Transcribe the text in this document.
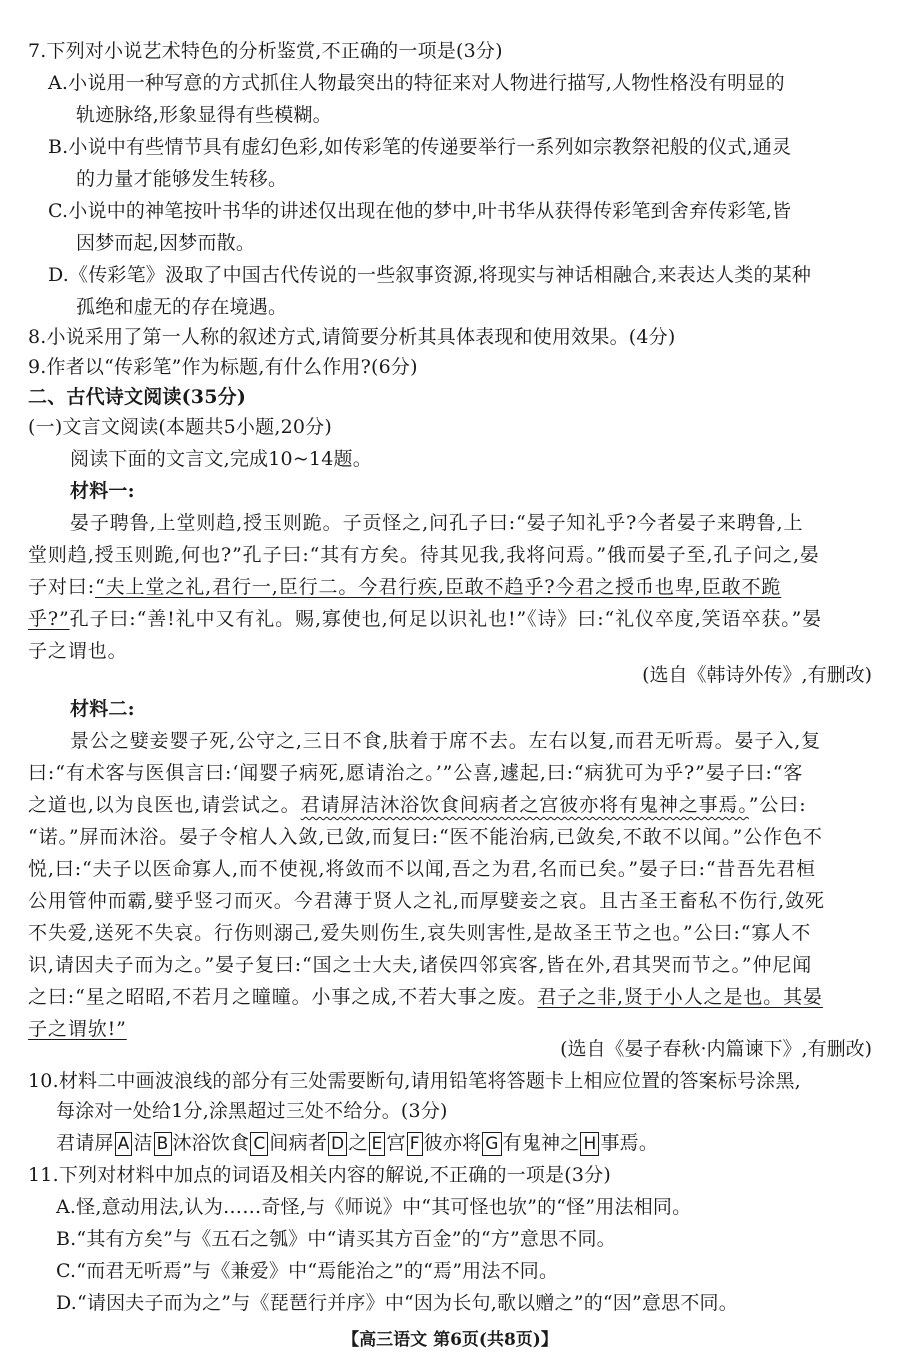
7.下列对小说艺术特色的分析鉴赏,不正确的一项是(3分)
A.小说用一种写意的方式抓住人物最突出的特征来对人物进行描写,人物性格没有明显的
轨迹脉络,形象显得有些模糊。
B.小说中有些情节具有虚幻色彩,如传彩笔的传递要举行一系列如宗教祭祀般的仪式,通灵
的力量才能够发生转移。
C.小说中的神笔按叶书华的讲述仅出现在他的梦中,叶书华从获得传彩笔到舍弃传彩笔,皆
因梦而起,因梦而散。
D.《传彩笔》汲取了中国古代传说的一些叙事资源,将现实与神话相融合,来表达人类的某种
孤绝和虚无的存在境遇。
8.小说采用了第一人称的叙述方式,请简要分析其具体表现和使用效果。(4分)
9.作者以“传彩笔”作为标题,有什么作用?(6分)
二、古代诗文阅读(35分)
(一)文言文阅读(本题共5小题,20分)
阅读下面的文言文,完成10~14题。
材料一:
晏子聘鲁,上堂则趋,授玉则跪。子贡怪之,问孔子曰:“晏子知礼乎?今者晏子来聘鲁,上
堂则趋,授玉则跪,何也?”孔子曰:“其有方矣。待其见我,我将问焉。”俄而晏子至,孔子问之,晏
子对曰:“夫上堂之礼,君行一,臣行二。今君行疾,臣敢不趋乎?今君之授币也卑,臣敢不跪
乎?”孔子曰:“善!礼中又有礼。赐,寡使也,何足以识礼也!”《诗》曰:“礼仪卒度,笑语卒获。”晏
子之谓也。
(选自《韩诗外传》,有删改)
材料二:
景公之嬖妾婴子死,公守之,三日不食,肤着于席不去。左右以复,而君无听焉。晏子入,复
曰:“有术客与医俱言曰:‘闻婴子病死,愿请治之。’”公喜,遽起,曰:“病犹可为乎?”晏子曰:“客
之道也,以为良医也,请尝试之。君请屏洁沐浴饮食间病者之宫彼亦将有鬼神之事焉。”公曰:
“诺。”屏而沐浴。晏子令棺人入敛,已敛,而复曰:“医不能治病,已敛矣,不敢不以闻。”公作色不
悦,曰:“夫子以医命寡人,而不使视,将敛而不以闻,吾之为君,名而已矣。”晏子曰:“昔吾先君桓
公用管仲而霸,嬖乎竖刁而灭。今君薄于贤人之礼,而厚嬖妾之哀。且古圣王畜私不伤行,敛死
不失爱,送死不失哀。行伤则溺己,爱失则伤生,哀失则害性,是故圣王节之也。”公曰:“寡人不
识,请因夫子而为之。”晏子复曰:“国之士大夫,诸侯四邻宾客,皆在外,君其哭而节之。”仲尼闻
之曰:“星之昭昭,不若月之曈曈。小事之成,不若大事之废。君子之非,贤于小人之是也。其晏
子之谓欤!”
(选自《晏子春秋·内篇谏下》,有删改)
10.材料二中画波浪线的部分有三处需要断句,请用铅笔将答题卡上相应位置的答案标号涂黑,
每涂对一处给1分,涂黑超过三处不给分。(3分)
君请屏 A 洁 B 沐浴饮食 C 间病者 D 之 E 宫 F 彼亦将 G 有鬼神之 H 事焉。
11.下列对材料中加点的词语及相关内容的解说,不正确的一项是(3分)
A.怪,意动用法,认为……奇怪,与《师说》中“其可怪也欤”的“怪”用法相同。
B.“其有方矣”与《五石之瓠》中“请买其方百金”的“方”意思不同。
C.“而君无听焉”与《兼爱》中“焉能治之”的“焉”用法不同。
D.“请因夫子而为之”与《琵琶行并序》中“因为长句,歌以赠之”的“因”意思不同。
【高三语文 第6页(共8页)】
